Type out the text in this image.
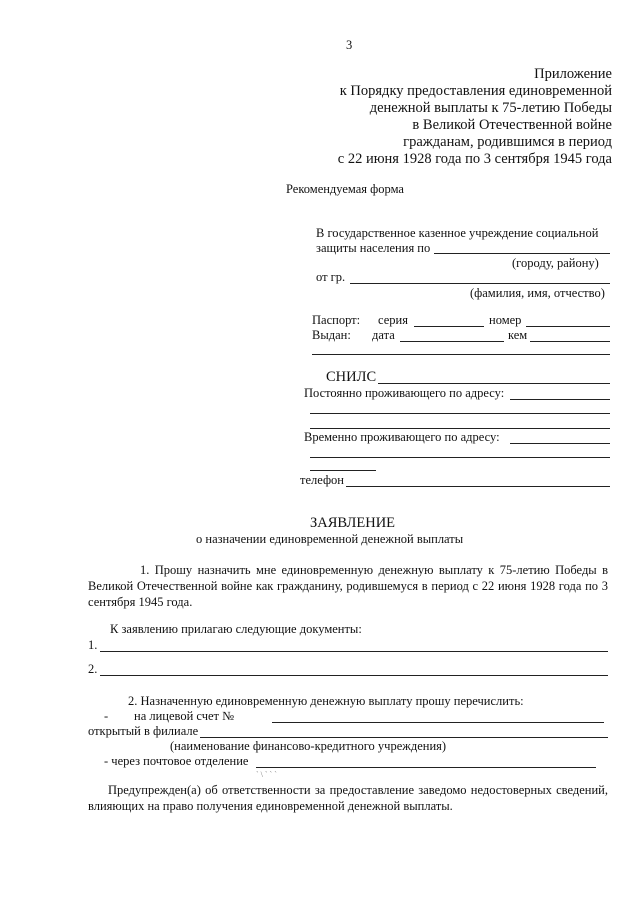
3
Приложение
к Порядку предоставления единовременной
денежной выплаты к 75-летию Победы
в Великой Отечественной войне
гражданам, родившимся в период
с 22 июня 1928 года по 3 сентября 1945 года
Рекомендуемая форма
В государственное казенное учреждение социальной
защиты населения по
(городу, району)
от гр.
(фамилия, имя, отчество)
Паспорт: серия	номер
Выдан: дата	кем
СНИЛС
Постоянно проживающего по адресу:
Временно проживающего по адресу:
телефон
ЗАЯВЛЕНИЕ
о назначении единовременной денежной выплаты
1. Прошу назначить мне единовременную денежную выплату к 75-летию Победы в Великой Отечественной войне как гражданину, родившемуся в период с 22 июня 1928 года по 3 сентября 1945 года.
К заявлению прилагаю следующие документы:
1.
2.
2. Назначенную единовременную денежную выплату прошу перечислить:
- на лицевой счет №
открытый в филиале
(наименование финансово-кредитного учреждения)
- через почтовое отделение
` \ ` ` `
Предупрежден(а) об ответственности за предоставление заведомо недостоверных сведений, влияющих на право получения единовременной денежной выплаты.
